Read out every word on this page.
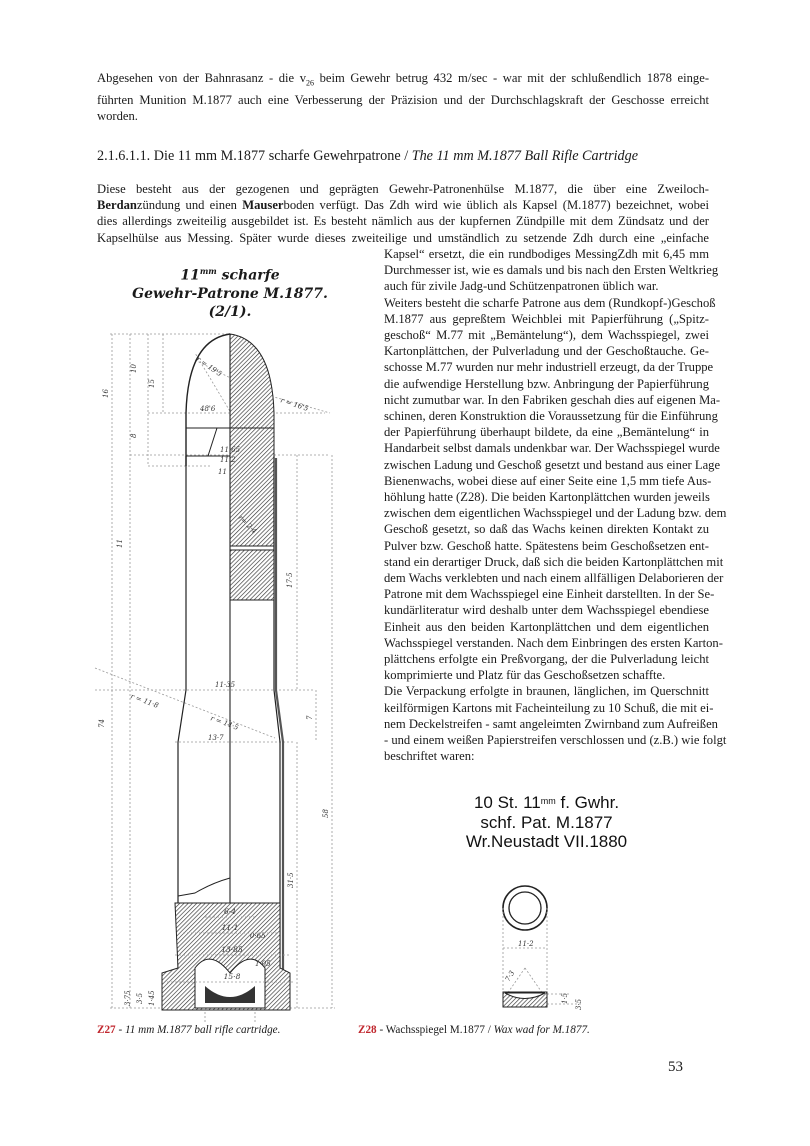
Abgesehen von der Bahnrasanz - die $v_{26}$ beim Gewehr betrug 432 m/sec - war mit der schlußendlich 1878 einge-
führten Munition M.1877 auch eine Verbesserung der Präzision und der Durchschlagskraft der Geschosse erreicht
worden.
2.1.6.1.1. Die 11 mm M.1877 scharfe Gewehrpatrone / The 11 mm M.1877 Ball Rifle Cartridge
Diese besteht aus der gezogenen und geprägten Gewehr-Patronenhülse M.1877, die über eine Zweiloch-
Berdanzündung und einen Mauserboden verfügt. Das Zdh wird wie üblich als Kapsel (M.1877) bezeichnet, wobei
dies allerdings zweiteilig ausgebildet ist. Es besteht nämlich aus der kupfernen Zündpille mit dem Zündsatz und der
Kapselhülse aus Messing. Später wurde dieses zweiteilige und umständlich zu setzende Zdh durch eine „einfache
Kapsel“ ersetzt, die ein rundbodiges MessingZdh mit 6,45 mm
Durchmesser ist, wie es damals und bis nach den Ersten Weltkrieg
auch für zivile Jadg-und Schützenpatronen üblich war.
Weiters besteht die scharfe Patrone aus dem (Rundkopf-)Geschoß
M.1877 aus gepreßtem Weichblei mit Papierführung („Spitz-
geschoß“ M.77 mit „Bemäntelung“), dem Wachsspiegel, zwei
Kartonplättchen, der Pulverladung und der Geschoßtauche. Ge-
schosse M.77 wurden nur mehr industriell erzeugt, da der Truppe
die aufwendige Herstellung bzw. Anbringung der Papierführung
nicht zumutbar war. In den Fabriken geschah dies auf eigenen Ma-
schinen, deren Konstruktion die Voraussetzung für die Einführung
der Papierführung überhaupt bildete, da eine „Bemäntelung“ in
Handarbeit selbst damals undenkbar war. Der Wachsspiegel wurde
zwischen Ladung und Geschoß gesetzt und bestand aus einer Lage
Bienenwachs, wobei diese auf einer Seite eine 1,5 mm tiefe Aus-
höhlung hatte (Z28). Die beiden Kartonplättchen wurden jeweils
zwischen dem eigentlichen Wachsspiegel und der Ladung bzw. dem
Geschoß gesetzt, so daß das Wachs keinen direkten Kontakt zu
Pulver bzw. Geschoß hatte. Spätestens beim Geschoßsetzen ent-
stand ein derartiger Druck, daß sich die beiden Kartonplättchen mit
dem Wachs verklebten und nach einem allfälligen Delaborieren der
Patrone mit dem Wachsspiegel eine Einheit darstellten. In der Se-
kundärliteratur wird deshalb unter dem Wachsspiegel ebendiese
Einheit aus den beiden Kartonplättchen und dem eigentlichen
Wachsspiegel verstanden. Nach dem Einbringen des ersten Karton-
plättchens erfolgte ein Preßvorgang, der die Pulverladung leicht
komprimierte und Platz für das Geschoßsetzen schaffte.
Die Verpackung erfolgte in braunen, länglichen, im Querschnitt
keilförmigen Kartons mit Facheinteilung zu 10 Schuß, die mit ei-
nem Deckelstreifen - samt angeleimten Zwirnband zum Aufreißen
- und einem weißen Papierstreifen verschlossen und (z.B.) wie folgt
beschriftet waren:
10 St. $11^{mm}$ f. Gwhr.
schf. Pat. M.1877
Wr.Neustadt VII.1880
$11^{mm}$ scharfe
Gewehr-Patrone M.1877.
(2/1).
16
10
15
8
r = 19'5
r = 16'5
48'6
11·65
11·2
11
11
r= 2·4
17·5
74
11·35
r = 11·8
r = 14·5
13·7
7
58
31·5
0·65
1·05
3·75 3·5 1·45
6·4
11·1
13·85
15·8
11·2
7·3
1·5
3·5
Z27 - 11 mm M.1877 ball rifle cartridge.	Z28 - Wachsspiegel M.1877 / Wax wad for M.1877.
53
